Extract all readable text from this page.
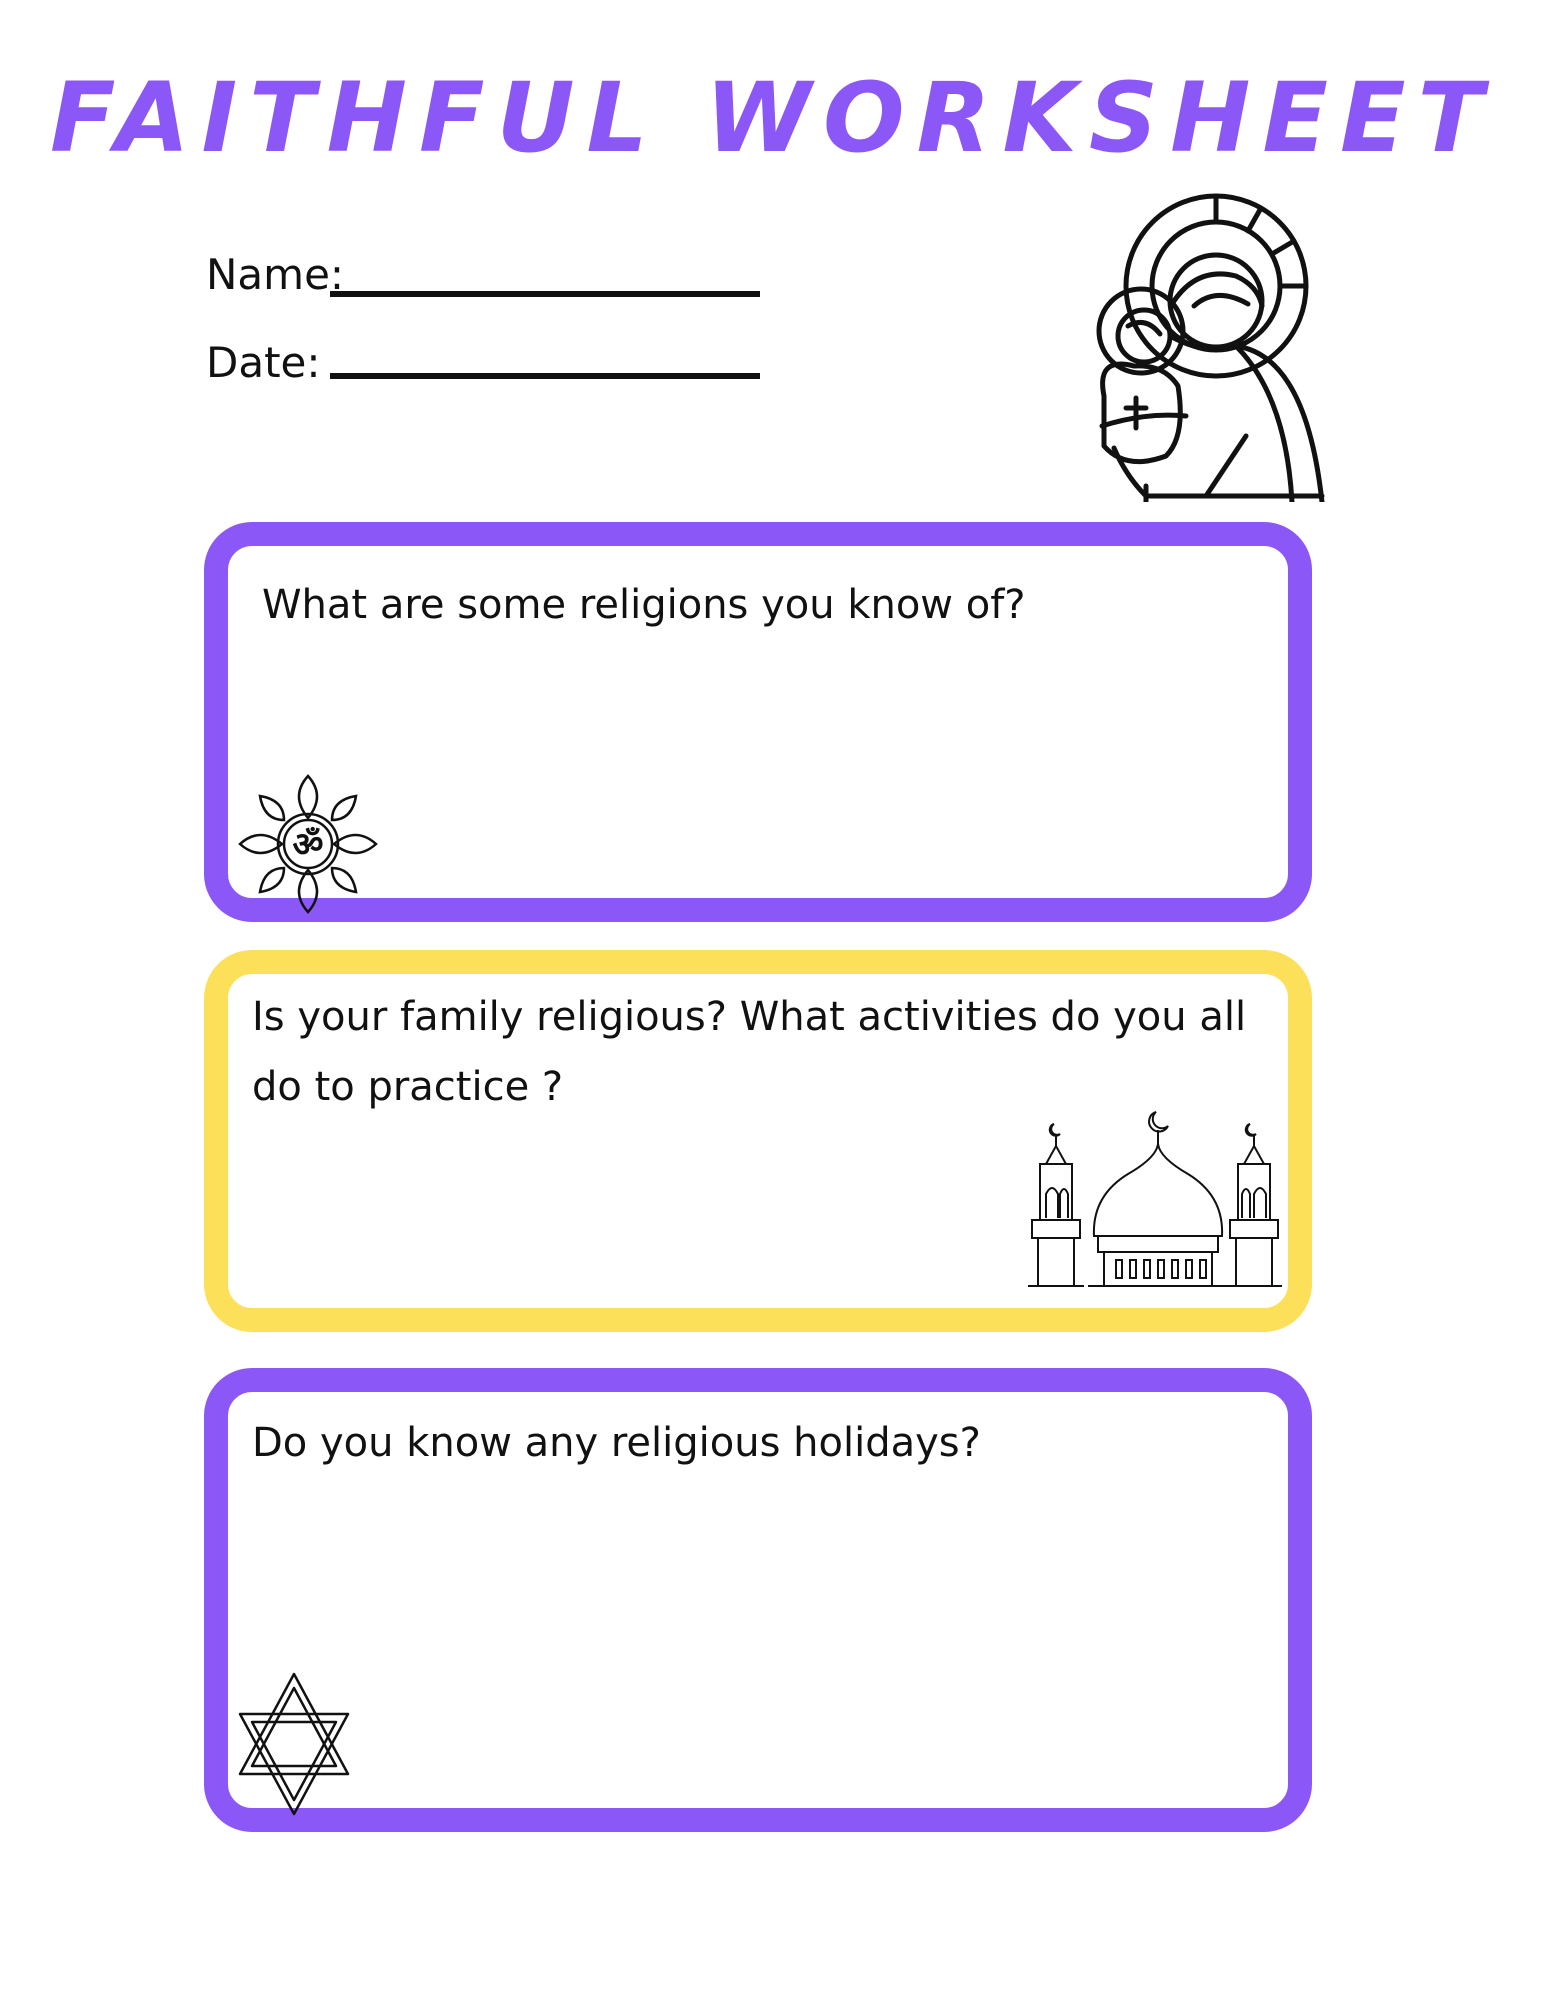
FAITHFUL WORKSHEET
Name:
Date:
What are some religions you know of?
ॐ
Is your family religious? What activities do you all do to practice ?
Do you know any religious holidays?
